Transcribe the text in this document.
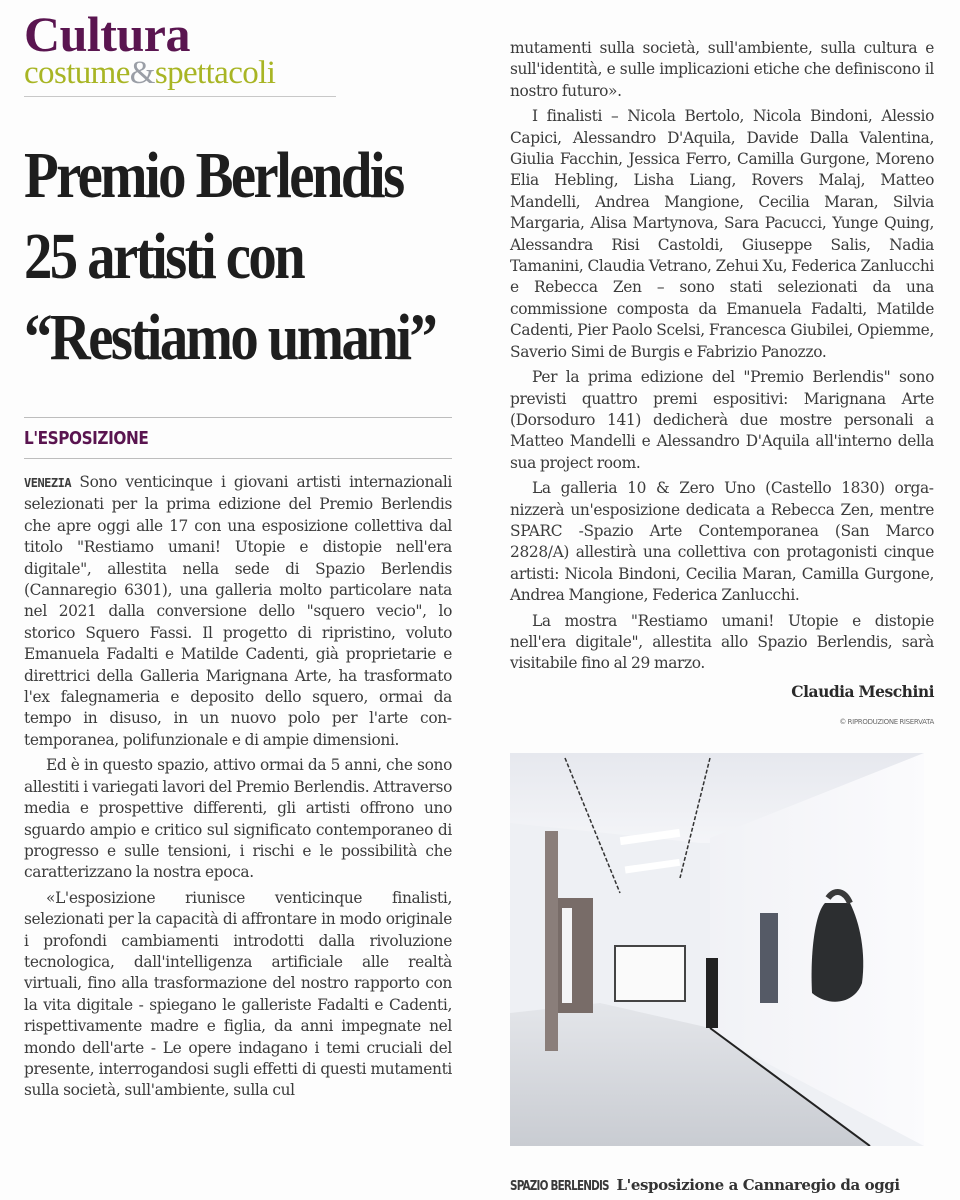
Cultura
costume&spettacoli
Premio Berlendis
25 artisti con
“Restiamo umani”
L'ESPOSIZIONE

VENEZIA Sono venticinque i giovani artisti internazionali selezionati per la prima edizione del Premio Berlendis che apre oggi alle 17 con una esposizione collettiva dal titolo "Restiamo umani! Utopie e distopie nell'era digitale", allestita nella sede di Spazio Berlendis (Cannaregio 6301), una galleria molto particolare nata nel 2021 dalla conversione dello "squero vecio", lo storico Squero Fassi. Il progetto di ripristino, voluto Emanuela Fadalti e Matilde Cadenti, già proprietarie e direttrici della Galleria Marignana Arte, ha trasformato l'ex falegnameria e deposito dello squero, ormai da tempo in disuso, in un nuovo polo per l'arte contemporanea, polifunzionale e di ampie dimensioni.

Ed è in questo spazio, attivo ormai da 5 anni, che sono allestiti i variegati lavori del Premio Berlendis. Attraverso media e prospettive differenti, gli artisti offrono uno sguardo ampio e critico sul significato contemporaneo di progresso e sulle tensioni, i rischi e le possibilità che caratterizzano la nostra epoca.

«L'esposizione riunisce venticinque finalisti, selezionati per la capacità di affrontare in modo originale i profondi cambiamenti introdotti dalla rivoluzione tecnologica, dall'intelligenza artificiale alle realtà virtuali, fino alla trasformazione del nostro rapporto con la vita digitale - spiegano le galleriste Fadalti e Cadenti, rispettivamente madre e figlia, da anni impegnate nel mondo dell'arte - Le opere indagano i temi cruciali del presente, interrogandosi sugli effetti di questi mutamenti sulla società, sull'ambiente, sulla cul

mutamenti sulla società, sull'ambiente, sulla cultura e sull'identità, e sulle implicazioni etiche che definiscono il nostro futuro».

I finalisti – Nicola Bertolo, Nicola Bindoni, Alessio Capici, Alessandro D'Aquila, Davide Dalla Valentina, Giulia Facchin, Jessica Ferro, Camilla Gurgone, Moreno Elia Hebling, Lisha Liang, Rovers Malaj, Matteo Mandelli, Andrea Mangione, Cecilia Maran, Silvia Margaria, Alisa Martynova, Sara Pacucci, Yunge Quing, Alessandra Risi Castoldi, Giuseppe Salis, Nadia Tamanini, Claudia Vetrano, Zehui Xu, Federica Zanlucchi e Rebecca Zen – sono stati selezionati da una commissione composta da Emanuela Fadalti, Matilde Cadenti, Pier Paolo Scelsi, Francesca Giubilei, Opiemme, Saverio Simi de Burgis e Fabrizio Panozzo.

Per la prima edizione del "Premio Berlendis" sono previsti quattro premi espositivi: Marignana Arte (Dorsoduro 141) dedicherà due mostre personali a Matteo Mandelli e Alessandro D'Aquila all'interno della sua project room.

La galleria 10 & Zero Uno (Castello 1830) organizzerà un'esposizione dedicata a Rebecca Zen, mentre SPARC -Spazio Arte Contemporanea (San Marco 2828/A) allestirà una collettiva con protagonisti cinque artisti: Nicola Bindoni, Cecilia Maran, Camilla Gurgone, Andrea Mangione, Federica Zanlucchi.

La mostra "Restiamo umani! Utopie e distopie nell'era digitale", allestita allo Spazio Berlendis, sarà visitabile fino al 29 marzo.

Claudia Meschini
© RIPRODUZIONE RISERVATA
SPAZIO BERLENDIS L'esposizione a Cannaregio da oggi
